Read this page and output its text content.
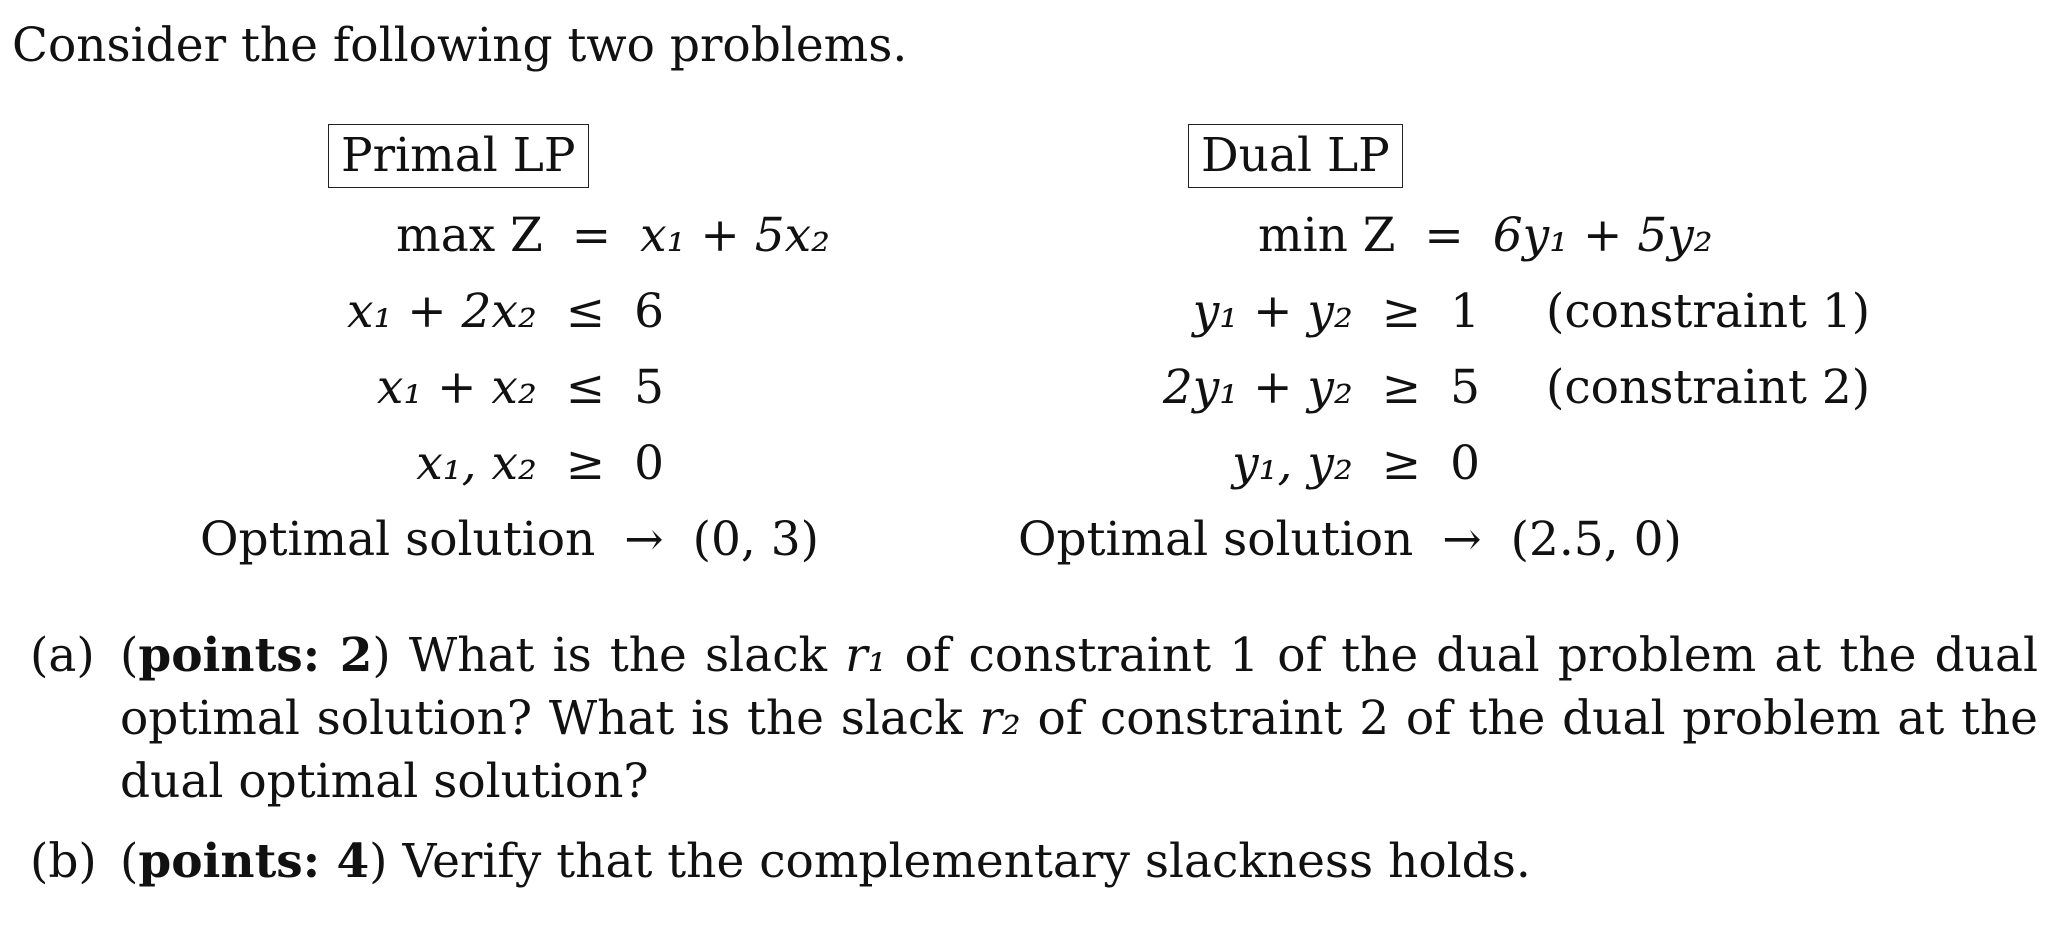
Consider the following two problems.
Primal LP
max Z = x₁ + 5x₂
x₁ + 2x₂ ≤ 6
x₁ + x₂ ≤ 5
x₁, x₂ ≥ 0
Optimal solution → (0, 3)
Dual LP
min Z = 6y₁ + 5y₂
y₁ + y₂ ≥ 1 (constraint 1)
2y₁ + y₂ ≥ 5 (constraint 2)
y₁, y₂ ≥ 0
Optimal solution → (2.5, 0)
(a) (points: 2) What is the slack r₁ of constraint 1 of the dual problem at the dual optimal solution? What is the slack r₂ of constraint 2 of the dual problem at the dual optimal solution?
(b) (points: 4) Verify that the complementary slackness holds.
